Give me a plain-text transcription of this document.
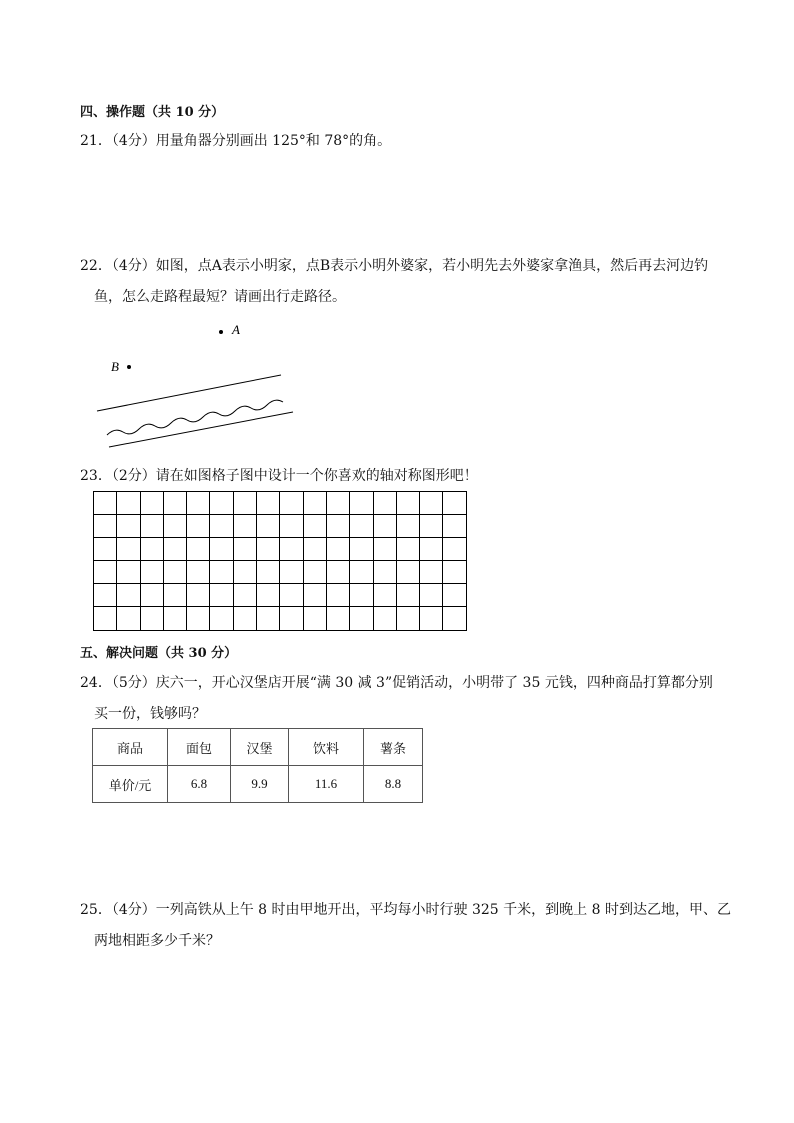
四、操作题（共 10 分）
21．（4分）用量角器分别画出 125°和 78°的角。
22．（4分）如图，点A表示小明家，点B表示小明外婆家，若小明先去外婆家拿渔具，然后再去河边钓
鱼，怎么走路程最短？请画出行走路径。
A
B
23．（2分）请在如图格子图中设计一个你喜欢的轴对称图形吧！

五、解决问题（共 30 分）
24．（5分）庆六一，开心汉堡店开展“满 30 减 3”促销活动，小明带了 35 元钱，四种商品打算都分别
买一份，钱够吗？
商品	面包	汉堡	饮料	薯条
单价/元	6.8	9.9	11.6	8.8
25．（4分）一列高铁从上午 8 时由甲地开出，平均每小时行驶 325 千米，到晚上 8 时到达乙地，甲、乙
两地相距多少千米？
